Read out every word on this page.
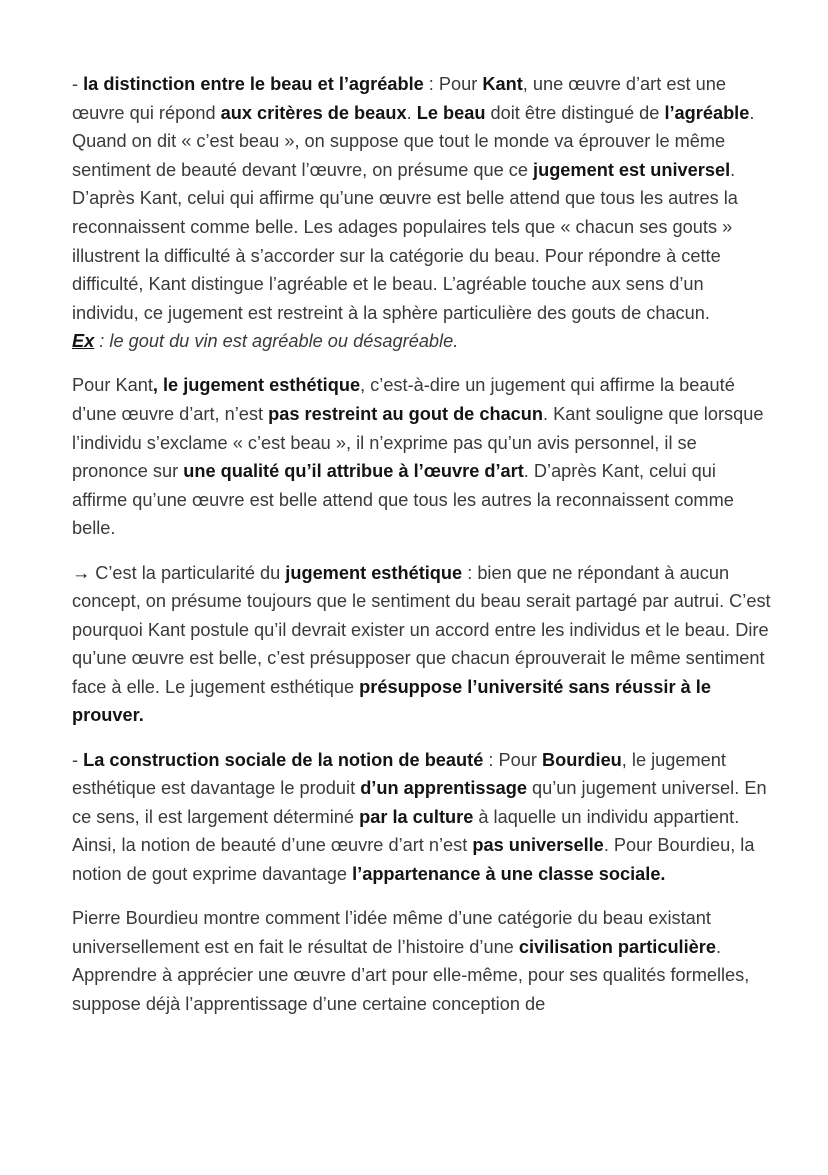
- la distinction entre le beau et l’agréable : Pour Kant, une œuvre d’art est une œuvre qui répond aux critères de beaux. Le beau doit être distingué de l’agréable. Quand on dit « c’est beau », on suppose que tout le monde va éprouver le même sentiment de beauté devant l’œuvre, on présume que ce jugement est universel. D’après Kant, celui qui affirme qu’une œuvre est belle attend que tous les autres la reconnaissent comme belle. Les adages populaires tels que « chacun ses gouts » illustrent la difficulté à s’accorder sur la catégorie du beau. Pour répondre à cette difficulté, Kant distingue l’agréable et le beau. L’agréable touche aux sens d’un individu, ce jugement est restreint à la sphère particulière des gouts de chacun.
Ex : le gout du vin est agréable ou désagréable.

Pour Kant, le jugement esthétique, c’est-à-dire un jugement qui affirme la beauté d’une œuvre d’art, n’est pas restreint au gout de chacun. Kant souligne que lorsque l’individu s’exclame « c’est beau », il n’exprime pas qu’un avis personnel, il se prononce sur une qualité qu’il attribue à l’œuvre d’art. D’après Kant, celui qui affirme qu’une œuvre est belle attend que tous les autres la reconnaissent comme belle.

→ C’est la particularité du jugement esthétique : bien que ne répondant à aucun concept, on présume toujours que le sentiment du beau serait partagé par autrui. C’est pourquoi Kant postule qu’il devrait exister un accord entre les individus et le beau. Dire qu’une œuvre est belle, c’est présupposer que chacun éprouverait le même sentiment face à elle. Le jugement esthétique présuppose l’université sans réussir à le prouver.

- La construction sociale de la notion de beauté : Pour Bourdieu, le jugement esthétique est davantage le produit d’un apprentissage qu’un jugement universel. En ce sens, il est largement déterminé par la culture à laquelle un individu appartient. Ainsi, la notion de beauté d’une œuvre d’art n’est pas universelle. Pour Bourdieu, la notion de gout exprime davantage l’appartenance à une classe sociale.

Pierre Bourdieu montre comment l’idée même d’une catégorie du beau existant universellement est en fait le résultat de l’histoire d’une civilisation particulière. Apprendre à apprécier une œuvre d’art pour elle-même, pour ses qualités formelles, suppose déjà l’apprentissage d’une certaine conception de
